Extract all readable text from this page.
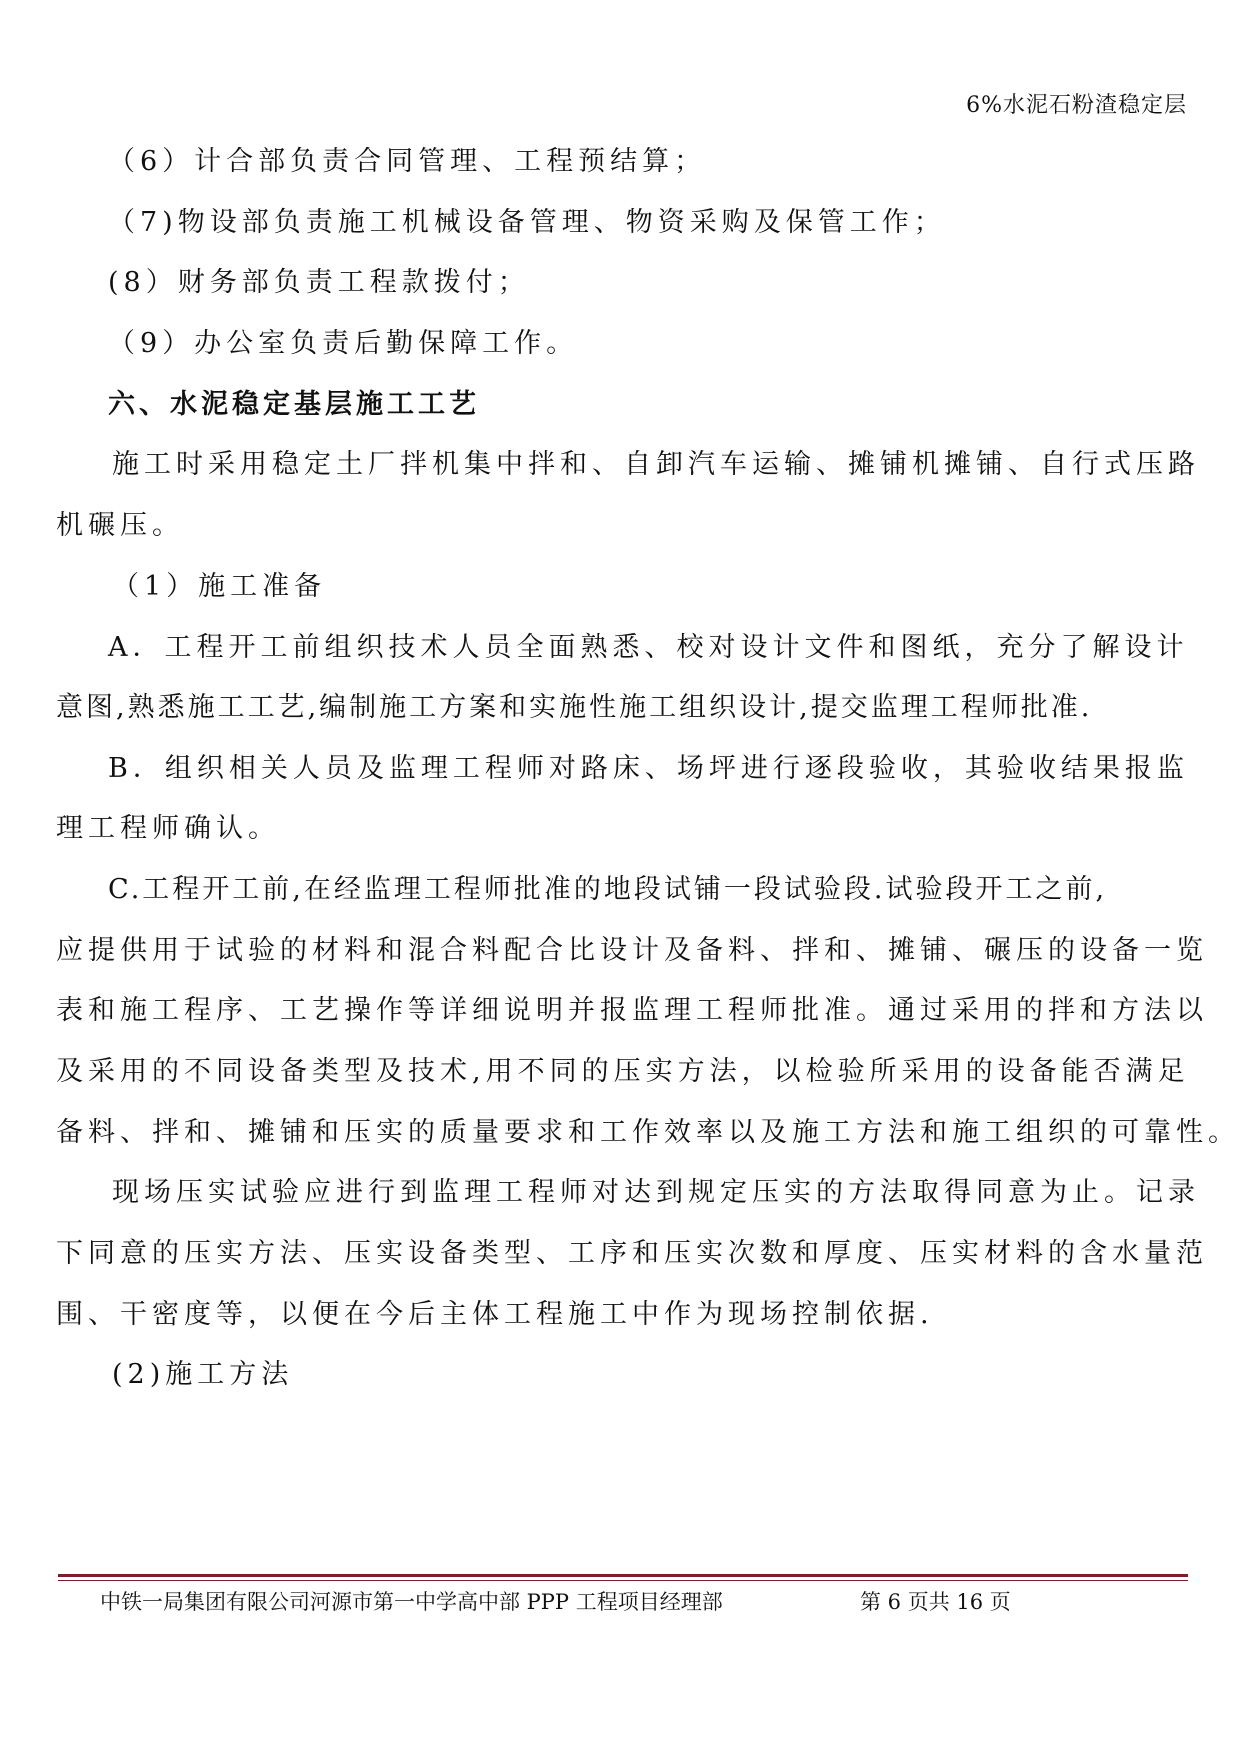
6%水泥石粉渣稳定层
（6）计合部负责合同管理、工程预结算；
（7)物设部负责施工机械设备管理、物资采购及保管工作；
(8）财务部负责工程款拨付；
（9）办公室负责后勤保障工作。
六、水泥稳定基层施工工艺
施工时采用稳定土厂拌机集中拌和、自卸汽车运输、摊铺机摊铺、自行式压路
机碾压。
（1）施工准备
A．工程开工前组织技术人员全面熟悉、校对设计文件和图纸，充分了解设计
意图,熟悉施工工艺,编制施工方案和实施性施工组织设计,提交监理工程师批准.
B．组织相关人员及监理工程师对路床、场坪进行逐段验收，其验收结果报监
理工程师确认。
C.工程开工前,在经监理工程师批准的地段试铺一段试验段.试验段开工之前,
应提供用于试验的材料和混合料配合比设计及备料、拌和、摊铺、碾压的设备一览
表和施工程序、工艺操作等详细说明并报监理工程师批准。通过采用的拌和方法以
及采用的不同设备类型及技术,用不同的压实方法，以检验所采用的设备能否满足
备料、拌和、摊铺和压实的质量要求和工作效率以及施工方法和施工组织的可靠性。
现场压实试验应进行到监理工程师对达到规定压实的方法取得同意为止。记录
下同意的压实方法、压实设备类型、工序和压实次数和厚度、压实材料的含水量范
围、干密度等，以便在今后主体工程施工中作为现场控制依据.
(2)施工方法
中铁一局集团有限公司河源市第一中学高中部 PPP 工程项目经理部	第 6 页共 16 页
